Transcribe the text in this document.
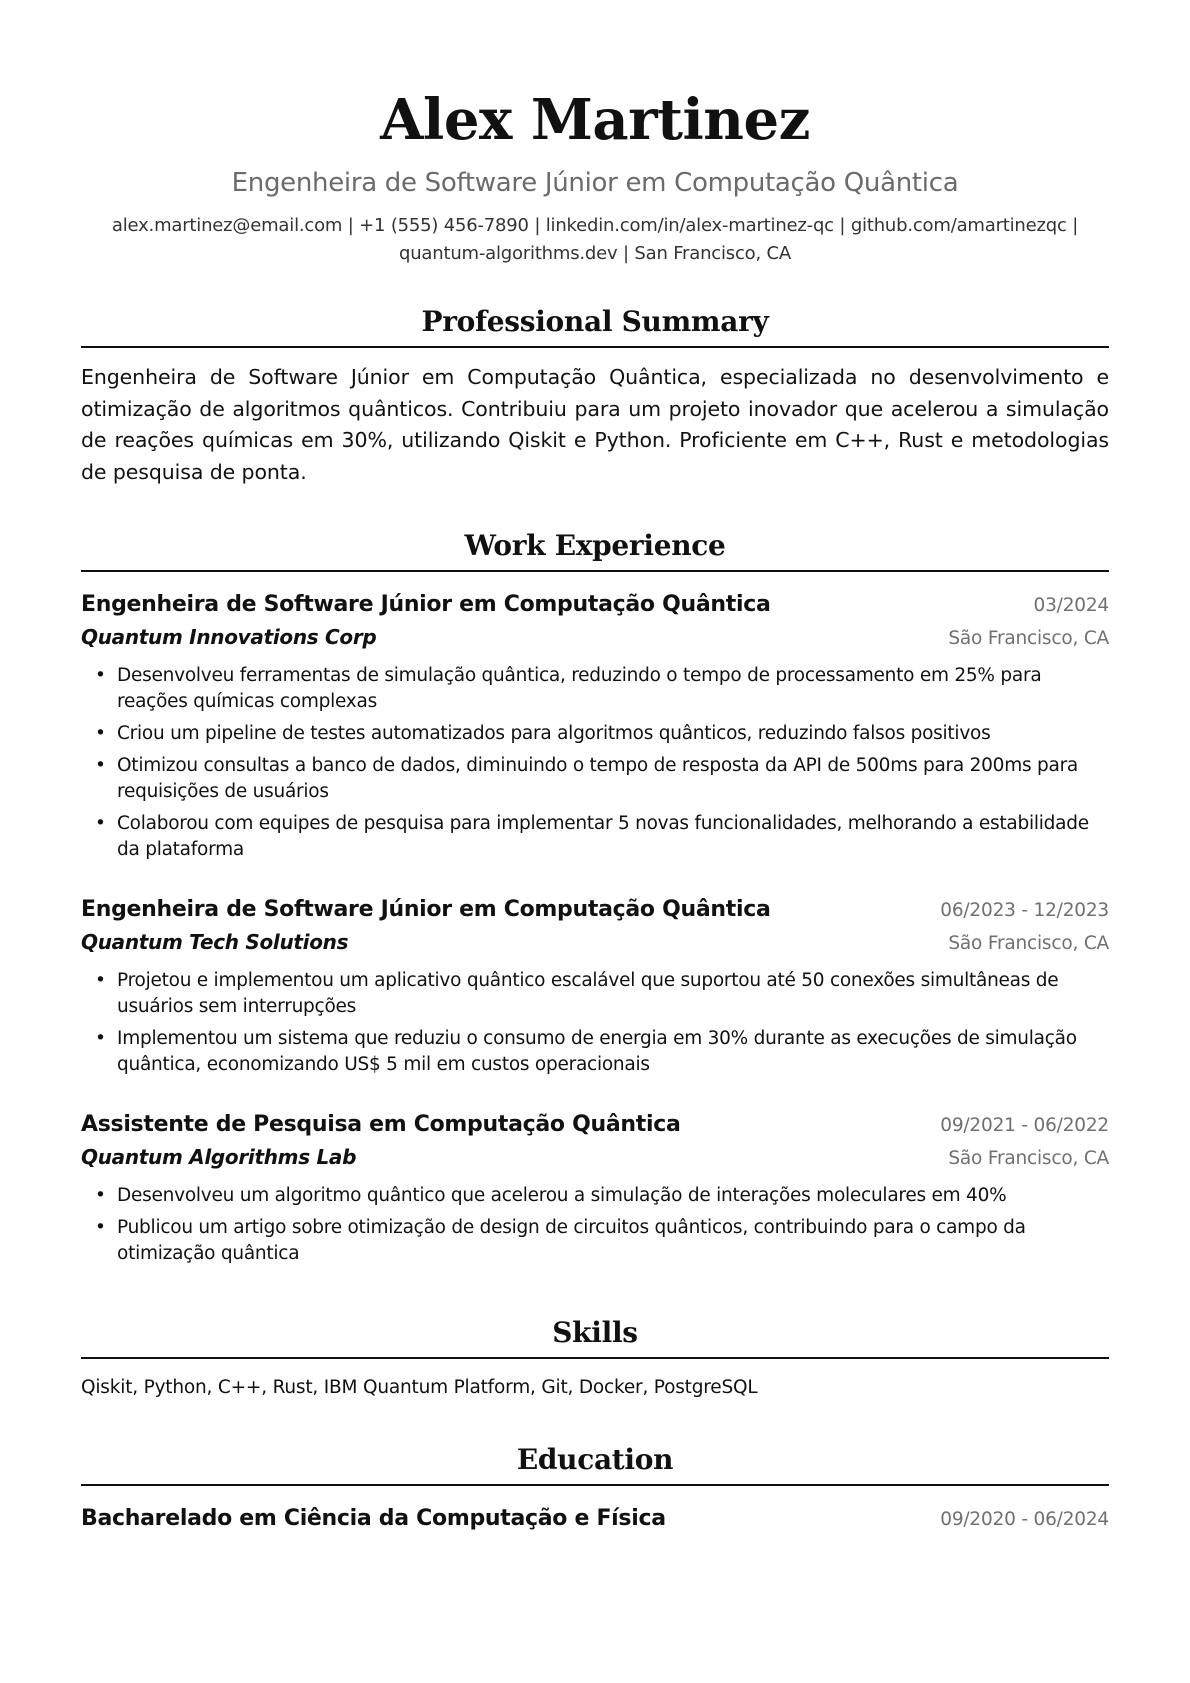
Alex Martinez
Engenheira de Software Júnior em Computação Quântica
alex.martinez@email.com | +1 (555) 456-7890 | linkedin.com/in/alex-martinez-qc | github.com/amartinezqc |
quantum-algorithms.dev | San Francisco, CA
Professional Summary
Engenheira de Software Júnior em Computação Quântica, especializada no desenvolvimento e otimização de algoritmos quânticos. Contribuiu para um projeto inovador que acelerou a simulação de reações químicas em 30%, utilizando Qiskit e Python. Proficiente em C++, Rust e metodologias de pesquisa de ponta.
Work Experience
Engenheira de Software Júnior em Computação Quântica	03/2024
Quantum Innovations Corp	São Francisco, CA
• Desenvolveu ferramentas de simulação quântica, reduzindo o tempo de processamento em 25% para reações químicas complexas
• Criou um pipeline de testes automatizados para algoritmos quânticos, reduzindo falsos positivos
• Otimizou consultas a banco de dados, diminuindo o tempo de resposta da API de 500ms para 200ms para requisições de usuários
• Colaborou com equipes de pesquisa para implementar 5 novas funcionalidades, melhorando a estabilidade da plataforma
Engenheira de Software Júnior em Computação Quântica	06/2023 - 12/2023
Quantum Tech Solutions	São Francisco, CA
• Projetou e implementou um aplicativo quântico escalável que suportou até 50 conexões simultâneas de usuários sem interrupções
• Implementou um sistema que reduziu o consumo de energia em 30% durante as execuções de simulação quântica, economizando US$ 5 mil em custos operacionais
Assistente de Pesquisa em Computação Quântica	09/2021 - 06/2022
Quantum Algorithms Lab	São Francisco, CA
• Desenvolveu um algoritmo quântico que acelerou a simulação de interações moleculares em 40%
• Publicou um artigo sobre otimização de design de circuitos quânticos, contribuindo para o campo da otimização quântica
Skills
Qiskit, Python, C++, Rust, IBM Quantum Platform, Git, Docker, PostgreSQL
Education
Bacharelado em Ciência da Computação e Física	09/2020 - 06/2024
